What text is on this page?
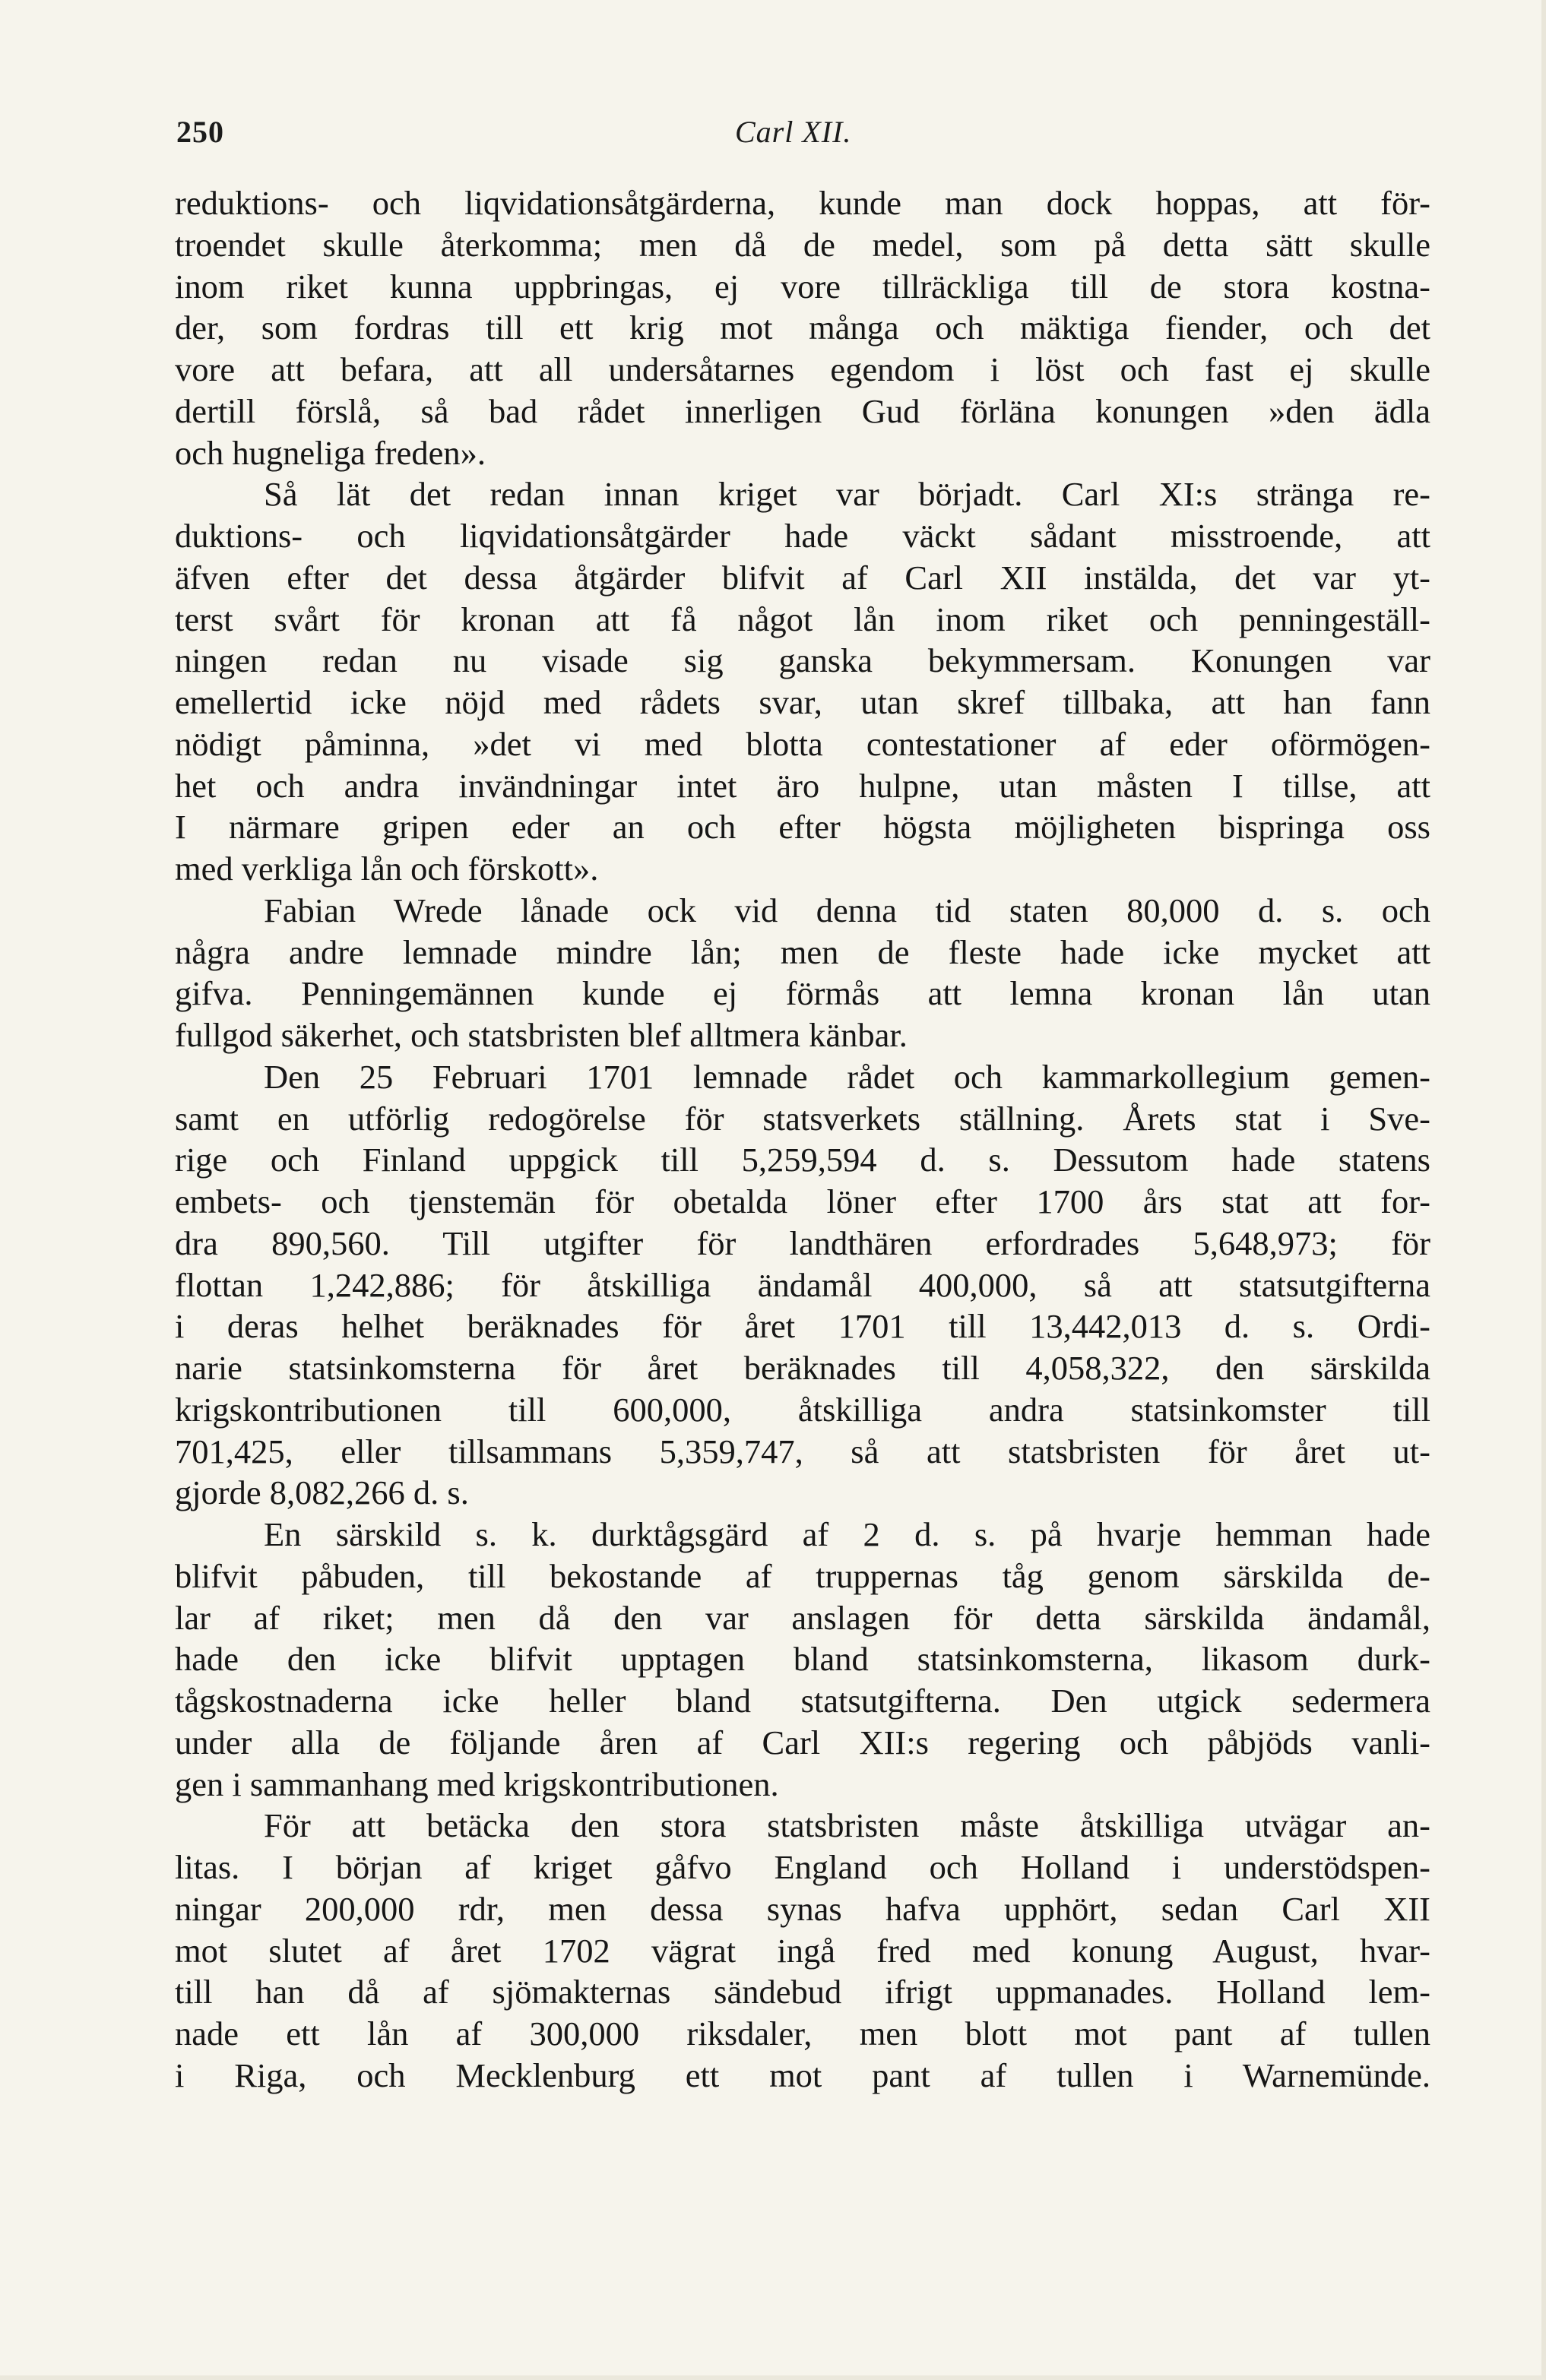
250	Carl XII.
reduktions- och liqvidationsåtgärderna, kunde man dock hoppas, att för-
troendet skulle återkomma; men då de medel, som på detta sätt skulle
inom riket kunna uppbringas, ej vore tillräckliga till de stora kostna-
der, som fordras till ett krig mot många och mäktiga fiender, och det
vore att befara, att all undersåtarnes egendom i löst och fast ej skulle
dertill förslå, så bad rådet innerligen Gud förläna konungen »den ädla
och hugneliga freden».
Så lät det redan innan kriget var börjadt. Carl XI:s stränga re-
duktions- och liqvidationsåtgärder hade väckt sådant misstroende, att
äfven efter det dessa åtgärder blifvit af Carl XII instälda, det var yt-
terst svårt för kronan att få något lån inom riket och penningeställ-
ningen redan nu visade sig ganska bekymmersam. Konungen var
emellertid icke nöjd med rådets svar, utan skref tillbaka, att han fann
nödigt påminna, »det vi med blotta contestationer af eder oförmögen-
het och andra invändningar intet äro hulpne, utan måsten I tillse, att
I närmare gripen eder an och efter högsta möjligheten bispringa oss
med verkliga lån och förskott».
Fabian Wrede lånade ock vid denna tid staten 80,000 d. s. och
några andre lemnade mindre lån; men de fleste hade icke mycket att
gifva. Penningemännen kunde ej förmås att lemna kronan lån utan
fullgod säkerhet, och statsbristen blef alltmera känbar.
Den 25 Februari 1701 lemnade rådet och kammarkollegium gemen-
samt en utförlig redogörelse för statsverkets ställning. Årets stat i Sve-
rige och Finland uppgick till 5,259,594 d. s. Dessutom hade statens
embets- och tjenstemän för obetalda löner efter 1700 års stat att for-
dra 890,560. Till utgifter för landthären erfordrades 5,648,973; för
flottan 1,242,886; för åtskilliga ändamål 400,000, så att statsutgifterna
i deras helhet beräknades för året 1701 till 13,442,013 d. s. Ordi-
narie statsinkomsterna för året beräknades till 4,058,322, den särskilda
krigskontributionen till 600,000, åtskilliga andra statsinkomster till
701,425, eller tillsammans 5,359,747, så att statsbristen för året ut-
gjorde 8,082,266 d. s.
En särskild s. k. durktågsgärd af 2 d. s. på hvarje hemman hade
blifvit påbuden, till bekostande af truppernas tåg genom särskilda de-
lar af riket; men då den var anslagen för detta särskilda ändamål,
hade den icke blifvit upptagen bland statsinkomsterna, likasom durk-
tågskostnaderna icke heller bland statsutgifterna. Den utgick sedermera
under alla de följande åren af Carl XII:s regering och påbjöds vanli-
gen i sammanhang med krigskontributionen.
För att betäcka den stora statsbristen måste åtskilliga utvägar an-
litas. I början af kriget gåfvo England och Holland i understödspen-
ningar 200,000 rdr, men dessa synas hafva upphört, sedan Carl XII
mot slutet af året 1702 vägrat ingå fred med konung August, hvar-
till han då af sjömakternas sändebud ifrigt uppmanades. Holland lem-
nade ett lån af 300,000 riksdaler, men blott mot pant af tullen
i Riga, och Mecklenburg ett mot pant af tullen i Warnemünde.
